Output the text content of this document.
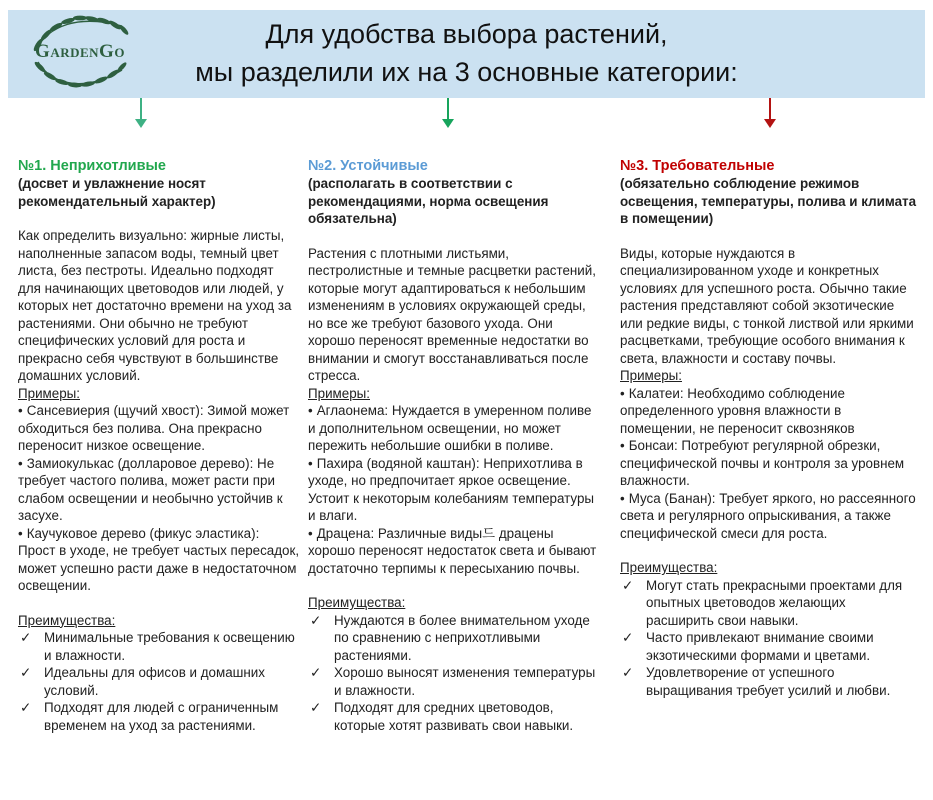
GardenGo
Для удобства выбора растений,
мы разделили их на 3 основные категории:
№1. Неприхотливые

(досвет и увлажнение носят рекомендательный характер)

Как определить визуально: жирные листы, наполненные запасом воды, темный цвет листа, без пестроты. Идеально подходят для начинающих цветоводов или людей, у которых нет достаточно времени на уход за растениями. Они обычно не требуют специфических условий для роста и прекрасно себя чувствуют в большинстве домашних условий.

Примеры:

• Сансевиерия (щучий хвост): Зимой может обходиться без полива. Она прекрасно переносит низкое освещение.

• Замиокулькас (долларовое дерево): Не требует частого полива, может расти при слабом освещении и необычно устойчив к засухе.

• Каучуковое дерево (фикус эластика): Прост в уходе, не требует частых пересадок, может успешно расти даже в недостаточном освещении.

Преимущества:

✓ Минимальные требования к освещению и влажности.
✓ Идеальны для офисов и домашних условий.
✓ Подходят для людей с ограниченным временем на уход за растениями.
№2. Устойчивые

(располагать в соответствии с рекомендациями, норма освещения обязательна)

Растения с плотными листьями, пестролистные и темные расцветки растений, которые могут адаптироваться к небольшим изменениям в условиях окружающей среды, но все же требуют базового ухода. Они хорошо переносят временные недостатки во внимании и смогут восстанавливаться после стресса.

Примеры:

• Аглаонема: Нуждается в умеренном поливе и дополнительном освещении, но может пережить небольшие ошибки в поливе.

• Пахира (водяной каштан): Неприхотлива в уходе, но предпочитает яркое освещение. Устоит к некоторым колебаниям температуры и влаги.

• Драцена: Различные виды드 драцены хорошо переносят недостаток света и бывают достаточно терпимы к пересыханию почвы.

Преимущества:

✓ Нуждаются в более внимательном уходе по сравнению с неприхотливыми растениями.
✓ Хорошо выносят изменения температуры и влажности.
✓ Подходят для средних цветоводов, которые хотят развивать свои навыки.
№3. Требовательные

(обязательно соблюдение режимов освещения, температуры, полива и климата в помещении)

Виды, которые нуждаются в специализированном уходе и конкретных условиях для успешного роста. Обычно такие растения представляют собой экзотические или редкие виды, с тонкой листвой или яркими расцветками, требующие особого внимания к света, влажности и составу почвы.

Примеры:

• Калатеи: Необходимо соблюдение определенного уровня влажности в помещении, не переносит сквозняков

• Бонсаи: Потребуют регулярной обрезки, специфической почвы и контроля за уровнем влажности.

• Муса (Банан): Требует яркого, но рассеянного света и регулярного опрыскивания, а также специфической смеси для роста.

Преимущества:

✓ Могут стать прекрасными проектами для опытных цветоводов желающих расширить свои навыки.
✓ Часто привлекают внимание своими экзотическими формами и цветами.
✓ Удовлетворение от успешного выращивания требует усилий и любви.
